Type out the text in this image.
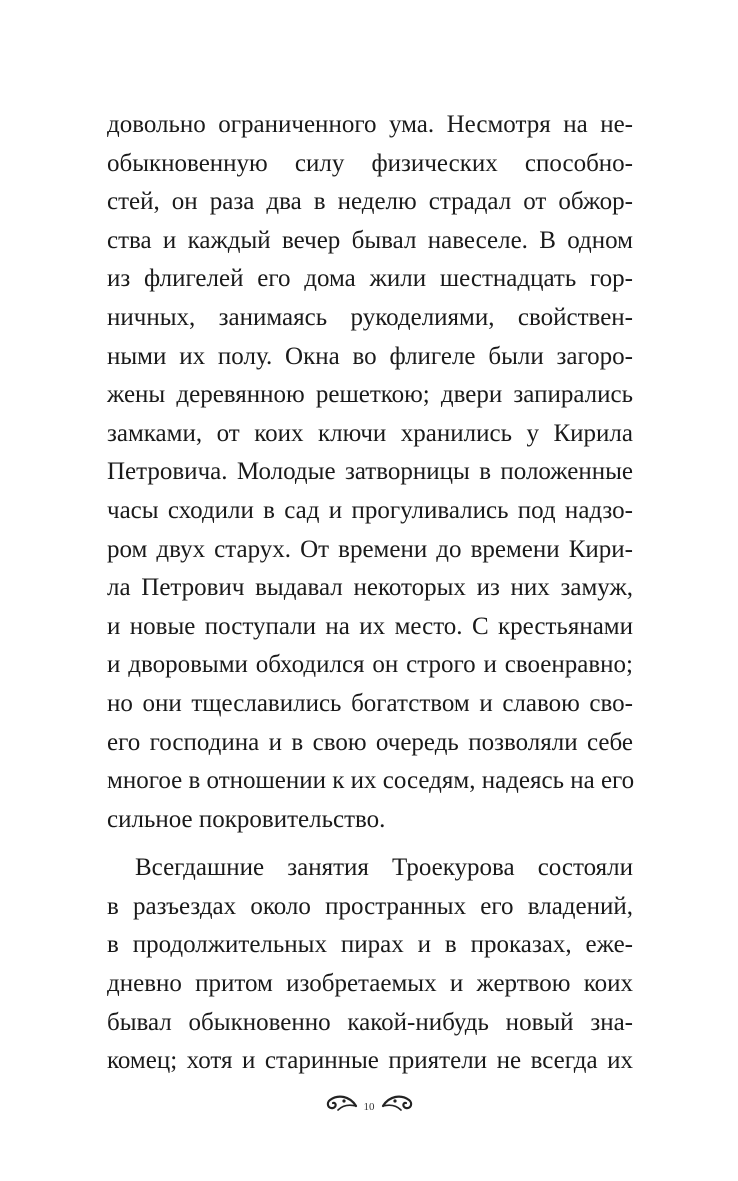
довольно ограниченного ума. Несмотря на не-
обыкновенную силу физических способно-
стей, он раза два в неделю страдал от обжор-
ства и каждый вечер бывал навеселе. В одном
из флигелей его дома жили шестнадцать гор-
ничных, занимаясь рукоделиями, свойствен-
ными их полу. Окна во флигеле были загоро-
жены деревянною решеткою; двери запирались
замками, от коих ключи хранились у Кирила
Петровича. Молодые затворницы в положенные
часы сходили в сад и прогуливались под надзо-
ром двух старух. От времени до времени Кири-
ла Петрович выдавал некоторых из них замуж,
и новые поступали на их место. С крестьянами
и дворовыми обходился он строго и своенравно;
но они тщеславились богатством и славою сво-
его господина и в свою очередь позволяли себе
многое в отношении к их соседям, надеясь на его
сильное покровительство.
Всегдашние занятия Троекурова состояли
в разъездах около пространных его владений,
в продолжительных пирах и в проказах, еже-
дневно притом изобретаемых и жертвою коих
бывал обыкновенно какой-нибудь новый зна-
комец; хотя и старинные приятели не всегда их
10
